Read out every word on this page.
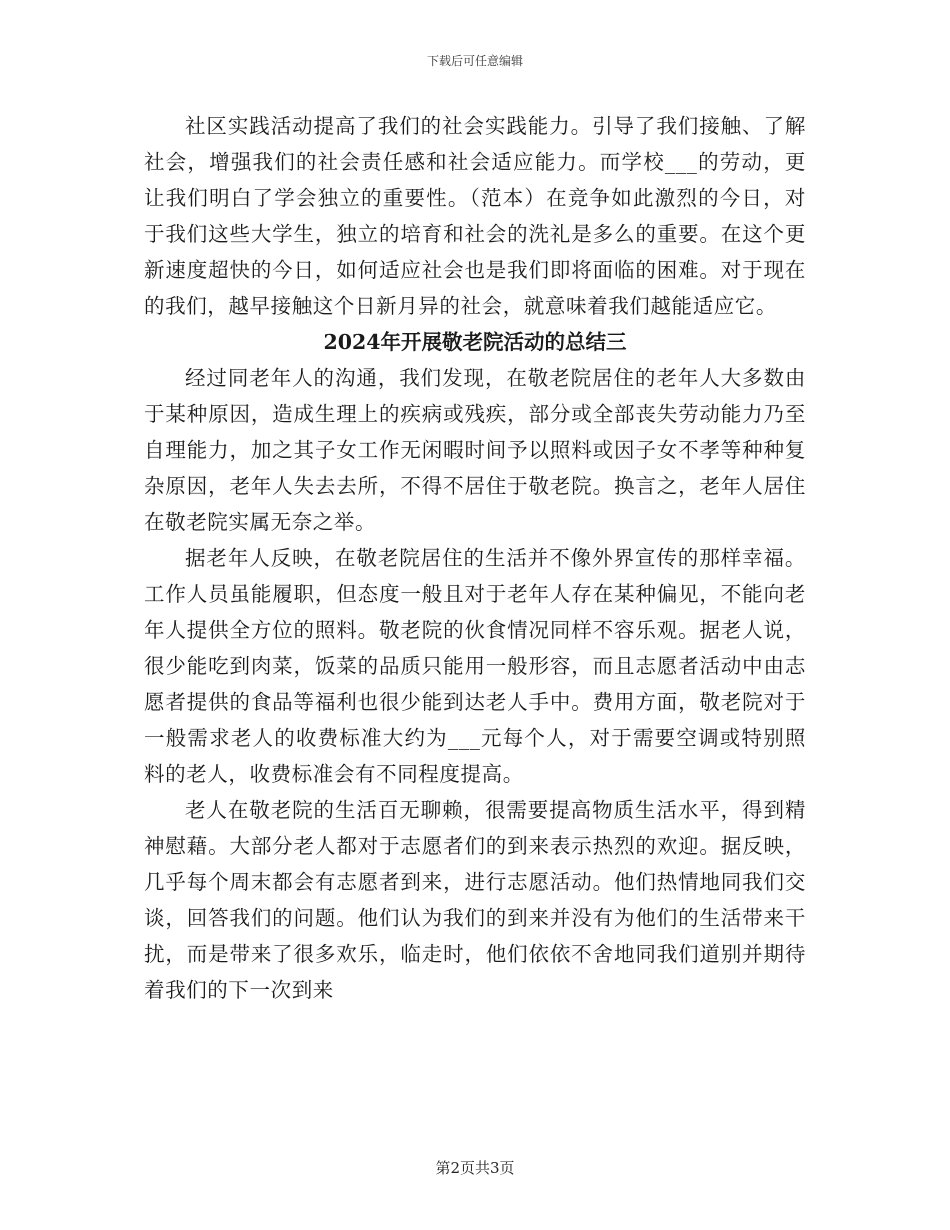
下载后可任意编辑

社区实践活动提高了我们的社会实践能力。引导了我们接触、了解社会，增强我们的社会责任感和社会适应能力。而学校___的劳动，更让我们明白了学会独立的重要性。（范本）在竞争如此激烈的今日，对于我们这些大学生，独立的培育和社会的洗礼是多么的重要。在这个更新速度超快的今日，如何适应社会也是我们即将面临的困难。对于现在的我们，越早接触这个日新月异的社会，就意味着我们越能适应它。

2024年开展敬老院活动的总结三

经过同老年人的沟通，我们发现，在敬老院居住的老年人大多数由于某种原因，造成生理上的疾病或残疾，部分或全部丧失劳动能力乃至自理能力，加之其子女工作无闲暇时间予以照料或因子女不孝等种种复杂原因，老年人失去去所，不得不居住于敬老院。换言之，老年人居住在敬老院实属无奈之举。

据老年人反映，在敬老院居住的生活并不像外界宣传的那样幸福。工作人员虽能履职，但态度一般且对于老年人存在某种偏见，不能向老年人提供全方位的照料。敬老院的伙食情况同样不容乐观。据老人说，很少能吃到肉菜，饭菜的品质只能用一般形容，而且志愿者活动中由志愿者提供的食品等福利也很少能到达老人手中。费用方面，敬老院对于一般需求老人的收费标准大约为___元每个人，对于需要空调或特别照料的老人，收费标准会有不同程度提高。

老人在敬老院的生活百无聊赖，很需要提高物质生活水平，得到精神慰藉。大部分老人都对于志愿者们的到来表示热烈的欢迎。据反映，几乎每个周末都会有志愿者到来，进行志愿活动。他们热情地同我们交谈，回答我们的问题。他们认为我们的到来并没有为他们的生活带来干扰，而是带来了很多欢乐，临走时，他们依依不舍地同我们道别并期待着我们的下一次到来

第2页共3页
